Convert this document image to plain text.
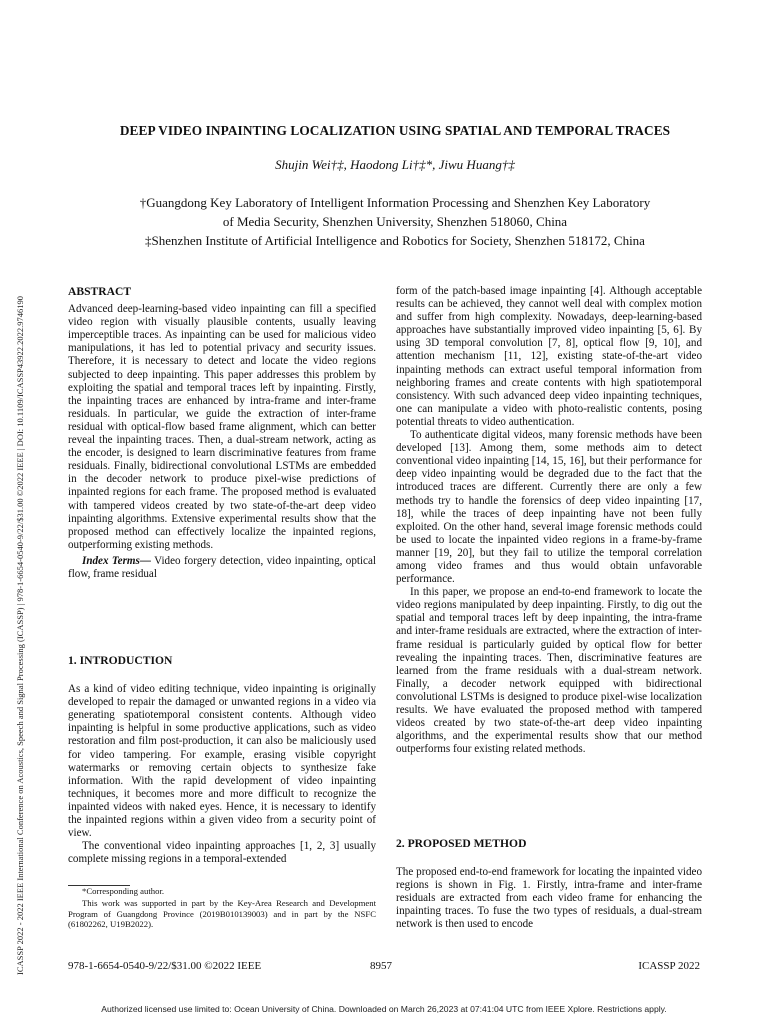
ICASSP 2022 - 2022 IEEE International Conference on Acoustics, Speech and Signal Processing (ICASSP) | 978-1-6654-0540-9/22/$31.00 ©2022 IEEE | DOI: 10.1109/ICASSP43922.2022.9746190
DEEP VIDEO INPAINTING LOCALIZATION USING SPATIAL AND TEMPORAL TRACES
Shujin Wei†‡, Haodong Li†‡*, Jiwu Huang†‡
†Guangdong Key Laboratory of Intelligent Information Processing and Shenzhen Key Laboratory
of Media Security, Shenzhen University, Shenzhen 518060, China
‡Shenzhen Institute of Artificial Intelligence and Robotics for Society, Shenzhen 518172, China

ABSTRACT

Advanced deep-learning-based video inpainting can fill a specified video region with visually plausible contents, usually leaving imperceptible traces. As inpainting can be used for malicious video manipulations, it has led to potential privacy and security issues. Therefore, it is necessary to detect and locate the video regions subjected to deep inpainting. This paper addresses this problem by exploiting the spatial and temporal traces left by inpainting. Firstly, the inpainting traces are enhanced by intra-frame and inter-frame residuals. In particular, we guide the extraction of inter-frame residual with optical-flow based frame alignment, which can better reveal the inpainting traces. Then, a dual-stream network, acting as the encoder, is designed to learn discriminative features from frame residuals. Finally, bidirectional convolutional LSTMs are embedded in the decoder network to produce pixel-wise predictions of inpainted regions for each frame. The proposed method is evaluated with tampered videos created by two state-of-the-art deep video inpainting algorithms. Extensive experimental results show that the proposed method can effectively localize the inpainted regions, outperforming existing methods.

Index Terms— Video forgery detection, video inpainting, optical flow, frame residual

1. INTRODUCTION

As a kind of video editing technique, video inpainting is originally developed to repair the damaged or unwanted regions in a video via generating spatiotemporal consistent contents. Although video inpainting is helpful in some productive applications, such as video restoration and film post-production, it can also be maliciously used for video tampering. For example, erasing visible copyright watermarks or removing certain objects to synthesize fake information. With the rapid development of video inpainting techniques, it becomes more and more difficult to recognize the inpainted videos with naked eyes. Hence, it is necessary to identify the inpainted regions within a given video from a security point of view.

The conventional video inpainting approaches [1, 2, 3] usually complete missing regions in a temporal-extended

*Corresponding author.
This work was supported in part by the Key-Area Research and Development Program of Guangdong Province (2019B010139003) and in part by the NSFC (61802262, U19B2022).

form of the patch-based image inpainting [4]. Although acceptable results can be achieved, they cannot well deal with complex motion and suffer from high complexity. Nowadays, deep-learning-based approaches have substantially improved video inpainting [5, 6]. By using 3D temporal convolution [7, 8], optical flow [9, 10], and attention mechanism [11, 12], existing state-of-the-art video inpainting methods can extract useful temporal information from neighboring frames and create contents with high spatiotemporal consistency. With such advanced deep video inpainting techniques, one can manipulate a video with photo-realistic contents, posing potential threats to video authentication.

To authenticate digital videos, many forensic methods have been developed [13]. Among them, some methods aim to detect conventional video inpainting [14, 15, 16], but their performance for deep video inpainting would be degraded due to the fact that the introduced traces are different. Currently there are only a few methods try to handle the forensics of deep video inpainting [17, 18], while the traces of deep inpainting have not been fully exploited. On the other hand, several image forensic methods could be used to locate the inpainted video regions in a frame-by-frame manner [19, 20], but they fail to utilize the temporal correlation among video frames and thus would obtain unfavorable performance.

In this paper, we propose an end-to-end framework to locate the video regions manipulated by deep inpainting. Firstly, to dig out the spatial and temporal traces left by deep inpainting, the intra-frame and inter-frame residuals are extracted, where the extraction of inter-frame residual is particularly guided by optical flow for better revealing the inpainting traces. Then, discriminative features are learned from the frame residuals with a dual-stream network. Finally, a decoder network equipped with bidirectional convolutional LSTMs is designed to produce pixel-wise localization results. We have evaluated the proposed method with tampered videos created by two state-of-the-art deep video inpainting algorithms, and the experimental results show that our method outperforms four existing related methods.

2. PROPOSED METHOD

The proposed end-to-end framework for locating the inpainted video regions is shown in Fig. 1. Firstly, intra-frame and inter-frame residuals are extracted from each video frame for enhancing the inpainting traces. To fuse the two types of residuals, a dual-stream network is then used to encode

978-1-6654-0540-9/22/$31.00 ©2022 IEEE	8957	ICASSP 2022
Authorized licensed use limited to: Ocean University of China. Downloaded on March 26,2023 at 07:41:04 UTC from IEEE Xplore. Restrictions apply.
